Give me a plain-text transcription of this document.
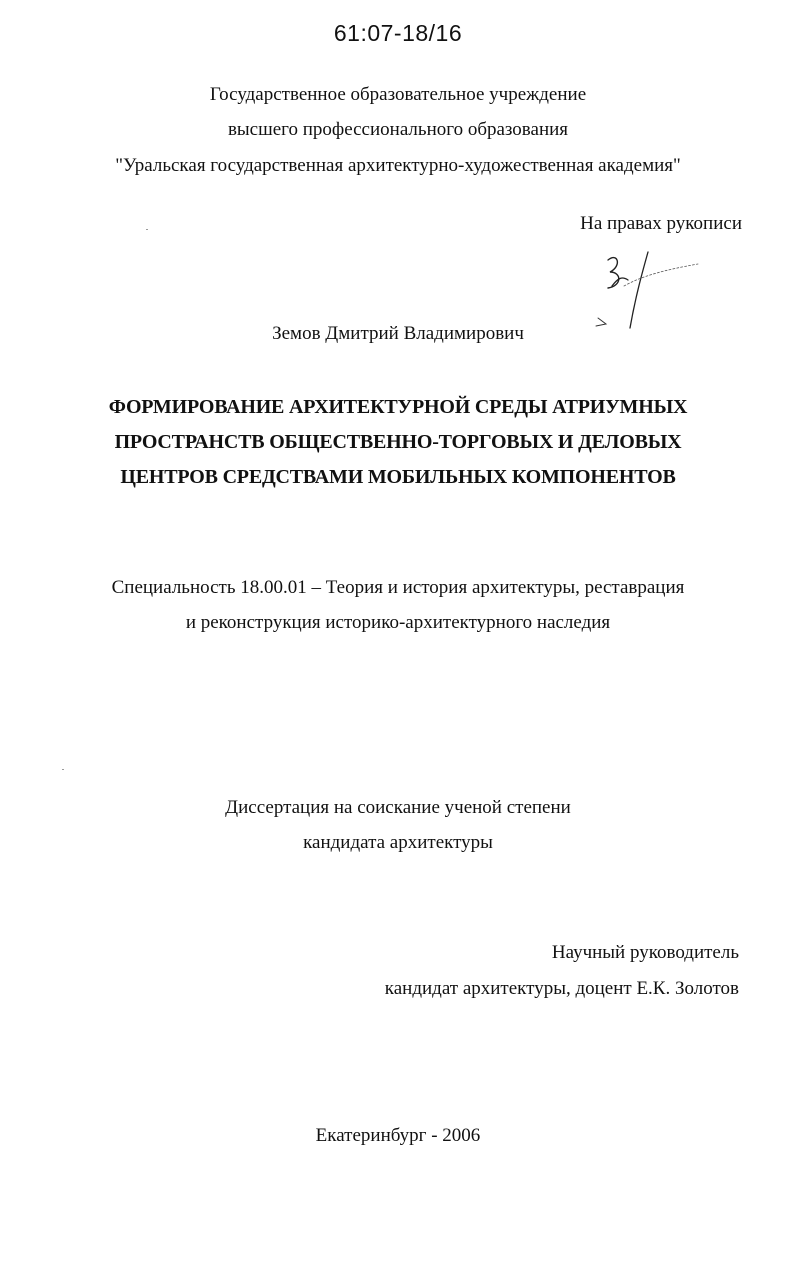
61:07-18/16
Государственное образовательное учреждение
высшего профессионального образования
"Уральская государственная архитектурно-художественная академия"
На правах рукописи
Земов Дмитрий Владимирович
ФОРМИРОВАНИЕ АРХИТЕКТУРНОЙ СРЕДЫ АТРИУМНЫХ
ПРОСТРАНСТВ ОБЩЕСТВЕННО-ТОРГОВЫХ И ДЕЛОВЫХ
ЦЕНТРОВ СРЕДСТВАМИ МОБИЛЬНЫХ КОМПОНЕНТОВ
Специальность 18.00.01 – Теория и история архитектуры, реставрация
и реконструкция историко-архитектурного наследия
Диссертация на соискание ученой степени
кандидата архитектуры
Научный руководитель
кандидат архитектуры, доцент Е.К. Золотов
Екатеринбург - 2006
